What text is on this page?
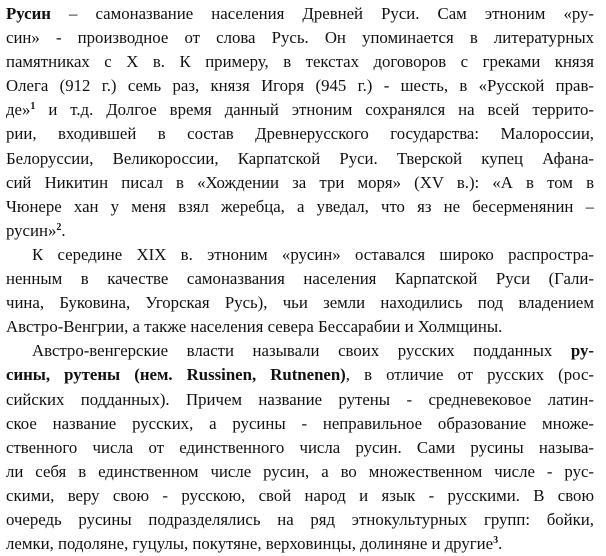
Русин – самоназвание населения Древней Руси. Сам этноним «ру-
син» - производное от слова Русь. Он упоминается в литературных
памятниках с X в. К примеру, в текстах договоров с греками князя
Олега (912 г.) семь раз, князя Игоря (945 г.) - шесть, в «Русской прав-
де»$^1$ и т.д. Долгое время данный этноним сохранялся на всей террито-
рии, входившей в состав Древнерусского государства: Малороссии,
Белоруссии, Великороссии, Карпатской Руси. Тверской купец Афана-
сий Никитин писал в «Хождении за три моря» (XV в.): «А в том в
Чюнере хан у меня взял жеребца, а уведал, что яз не бесерменянин –
русин»$^2$.
К середине XIX в. этноним «русин» оставался широко распростра-
ненным в качестве самоназвания населения Карпатской Руси (Гали-
чина, Буковина, Угорская Русь), чьи земли находились под владением
Австро-Венгрии, а также населения севера Бессарабии и Холмщины.
Австро-венгерские власти называли своих русских подданных ру-
сины, рутены (нем. Russinen, Rutnenen), в отличие от русских (рос-
сийских подданных). Причем название рутены - средневековое латин-
ское название русских, а русины - неправильное образование множе-
ственного числа от единственного числа русин. Сами русины называ-
ли себя в единственном числе русин, а во множественном числе - рус-
скими, веру свою - русскою, свой народ и язык - русскими. В свою
очередь русины подразделялись на ряд этнокультурных групп: бойки,
лемки, подоляне, гуцулы, покутяне, верховинцы, долиняне и другие$^3$.
